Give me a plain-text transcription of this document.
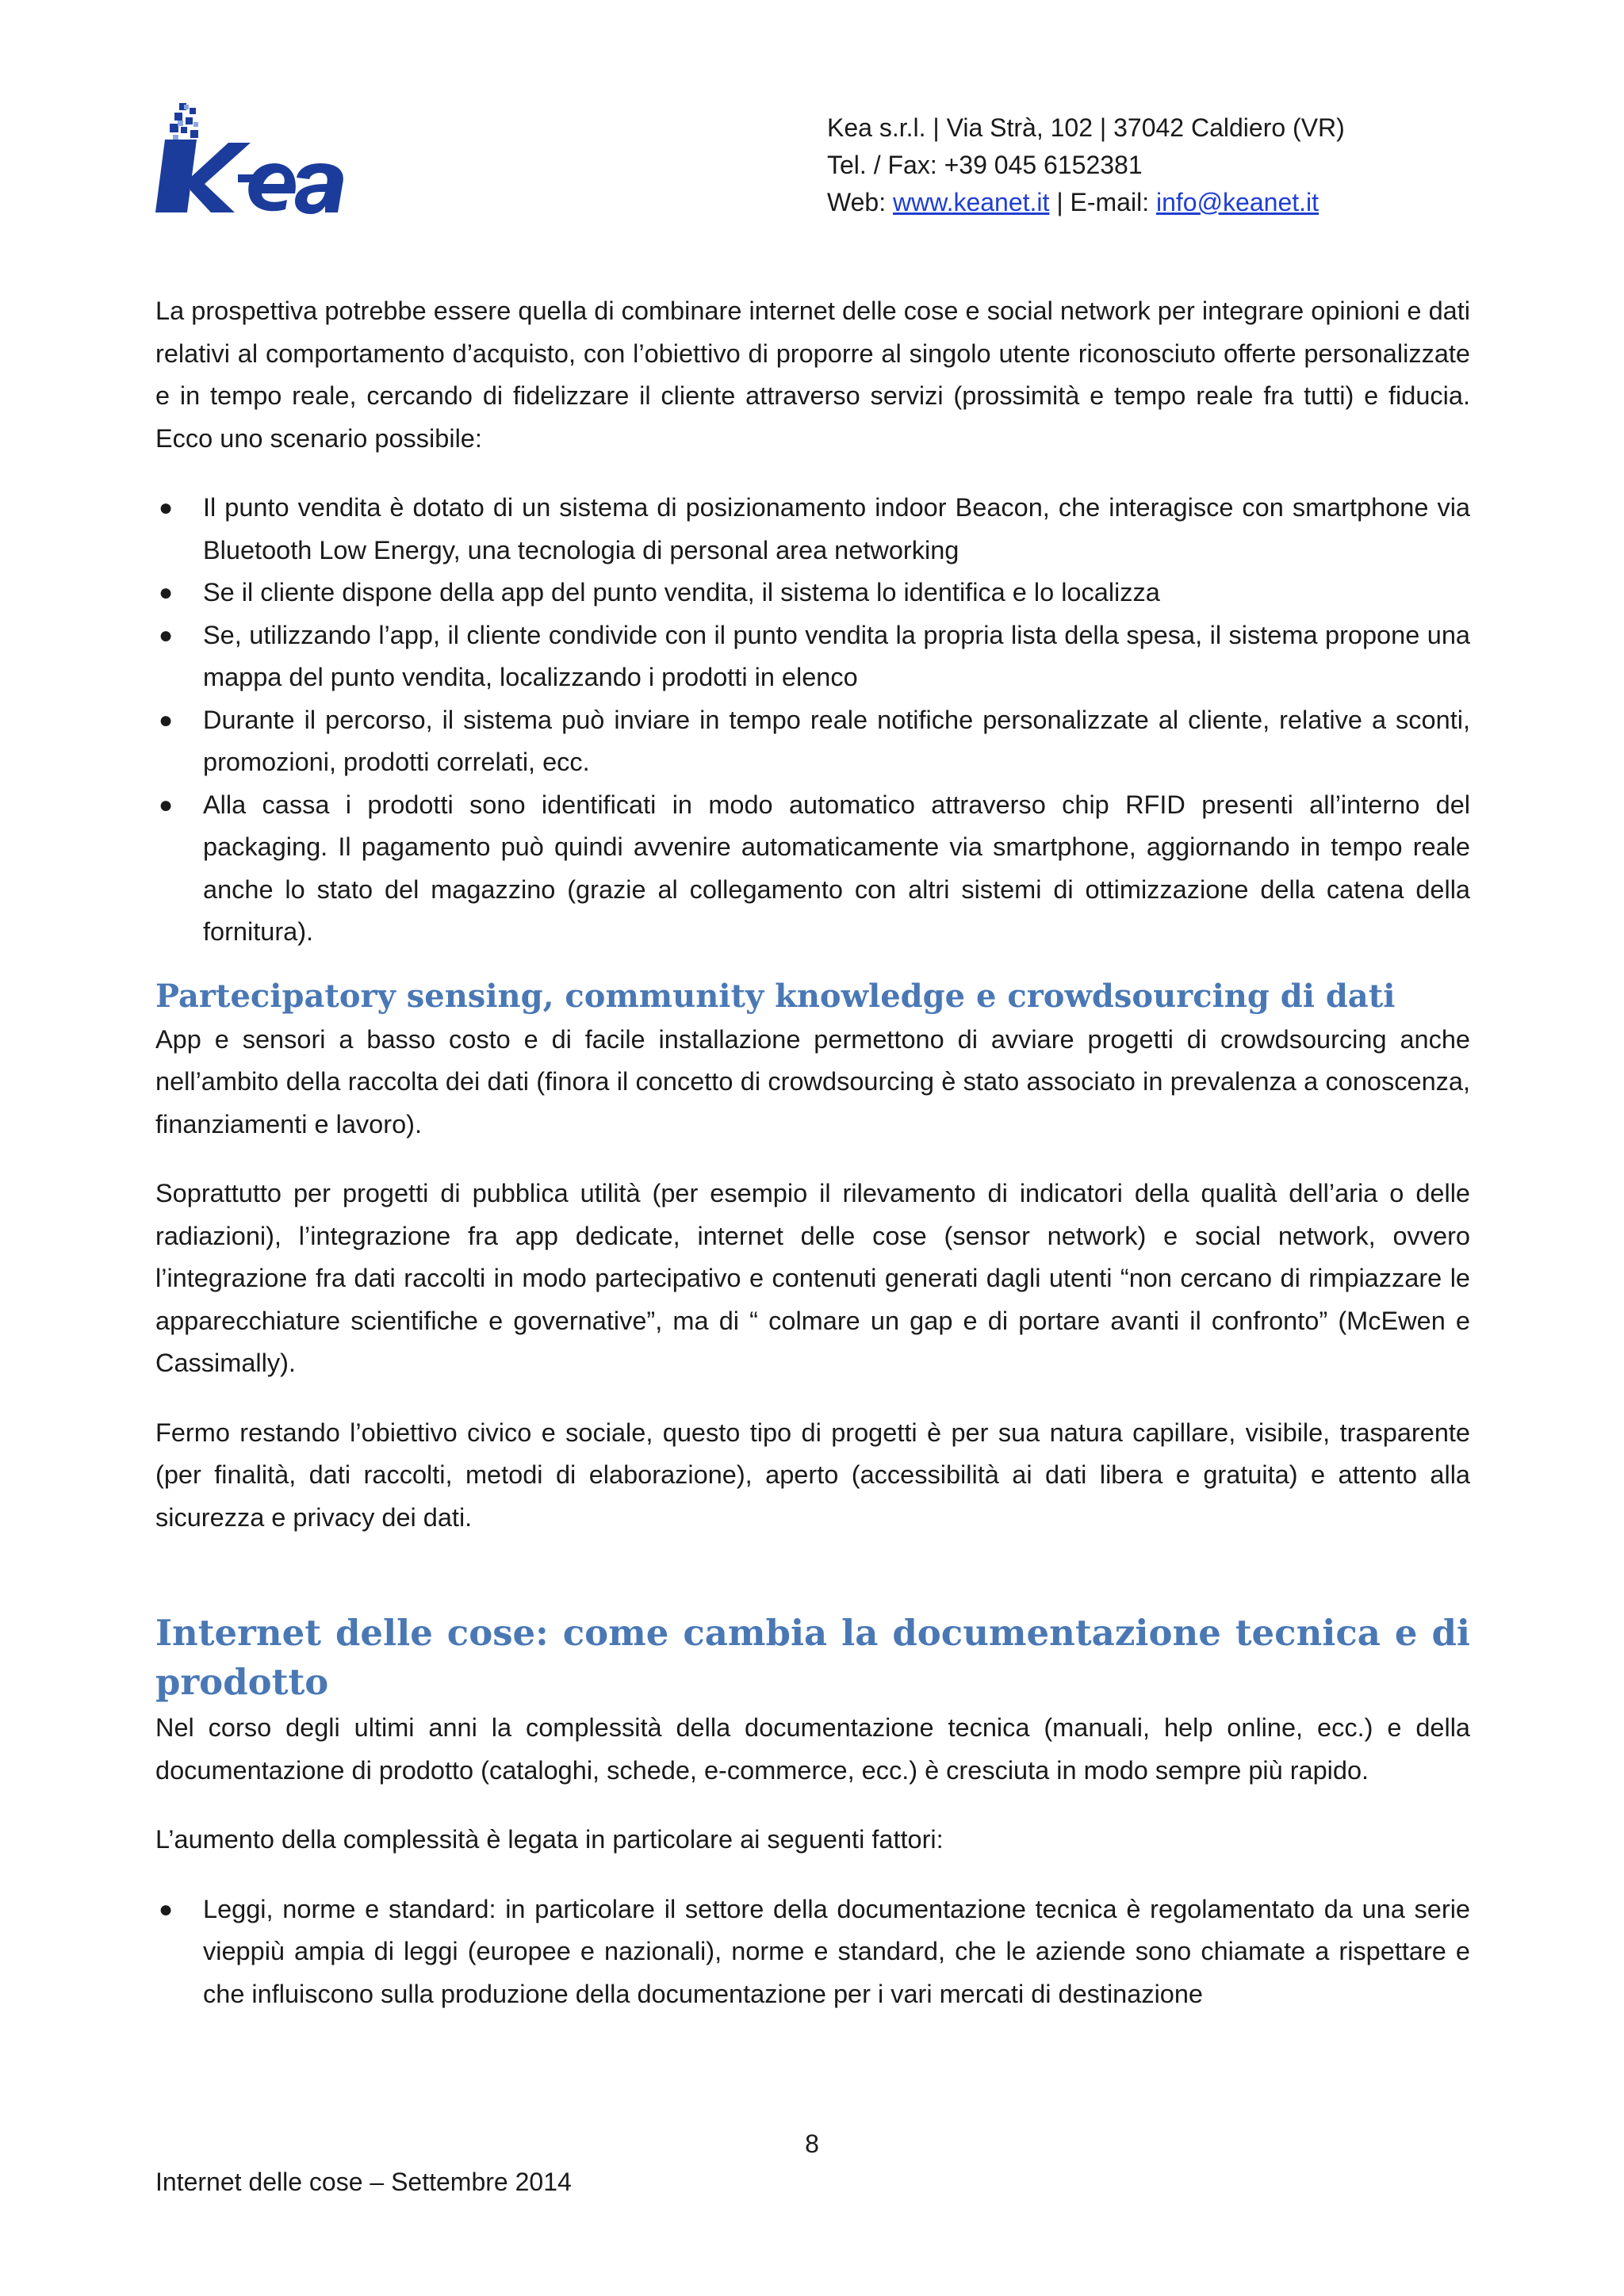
Kea s.r.l. | Via Strà, 102 | 37042 Caldiero (VR)
Tel. / Fax: +39 045 6152381
Web: www.keanet.it | E-mail: info@keanet.it

La prospettiva potrebbe essere quella di combinare internet delle cose e social network per integrare opinioni e dati relativi al comportamento d’acquisto, con l’obiettivo di proporre al singolo utente riconosciuto offerte personalizzate e in tempo reale, cercando di fidelizzare il cliente attraverso servizi (prossimità e tempo reale fra tutti) e fiducia. Ecco uno scenario possibile:

● Il punto vendita è dotato di un sistema di posizionamento indoor Beacon, che interagisce con smartphone via Bluetooth Low Energy, una tecnologia di personal area networking
● Se il cliente dispone della app del punto vendita, il sistema lo identifica e lo localizza
● Se, utilizzando l’app, il cliente condivide con il punto vendita la propria lista della spesa, il sistema propone una mappa del punto vendita, localizzando i prodotti in elenco
● Durante il percorso, il sistema può inviare in tempo reale notifiche personalizzate al cliente, relative a sconti, promozioni, prodotti correlati, ecc.
● Alla cassa i prodotti sono identificati in modo automatico attraverso chip RFID presenti all’interno del packaging. Il pagamento può quindi avvenire automaticamente via smartphone, aggiornando in tempo reale anche lo stato del magazzino (grazie al collegamento con altri sistemi di ottimizzazione della catena della fornitura).
Partecipatory sensing, community knowledge e crowdsourcing di dati

App e sensori a basso costo e di facile installazione permettono di avviare progetti di crowdsourcing anche nell’ambito della raccolta dei dati (finora il concetto di crowdsourcing è stato associato in prevalenza a conoscenza, finanziamenti e lavoro).

Soprattutto per progetti di pubblica utilità (per esempio il rilevamento di indicatori della qualità dell’aria o delle radiazioni), l’integrazione fra app dedicate, internet delle cose (sensor network) e social network, ovvero l’integrazione fra dati raccolti in modo partecipativo e contenuti generati dagli utenti “non cercano di rimpiazzare le apparecchiature scientifiche e governative”, ma di “ colmare un gap e di portare avanti il confronto” (McEwen e Cassimally).

Fermo restando l’obiettivo civico e sociale, questo tipo di progetti è per sua natura capillare, visibile, trasparente (per finalità, dati raccolti, metodi di elaborazione), aperto (accessibilità ai dati libera e gratuita) e attento alla sicurezza e privacy dei dati.

Internet delle cose: come cambia la documentazione tecnica e di prodotto

Nel corso degli ultimi anni la complessità della documentazione tecnica (manuali, help online, ecc.) e della documentazione di prodotto (cataloghi, schede, e-commerce, ecc.) è cresciuta in modo sempre più rapido.

L’aumento della complessità è legata in particolare ai seguenti fattori:

● Leggi, norme e standard: in particolare il settore della documentazione tecnica è regolamentato da una serie vieppiù ampia di leggi (europee e nazionali), norme e standard, che le aziende sono chiamate a rispettare e che influiscono sulla produzione della documentazione per i vari mercati di destinazione
8
Internet delle cose – Settembre 2014
